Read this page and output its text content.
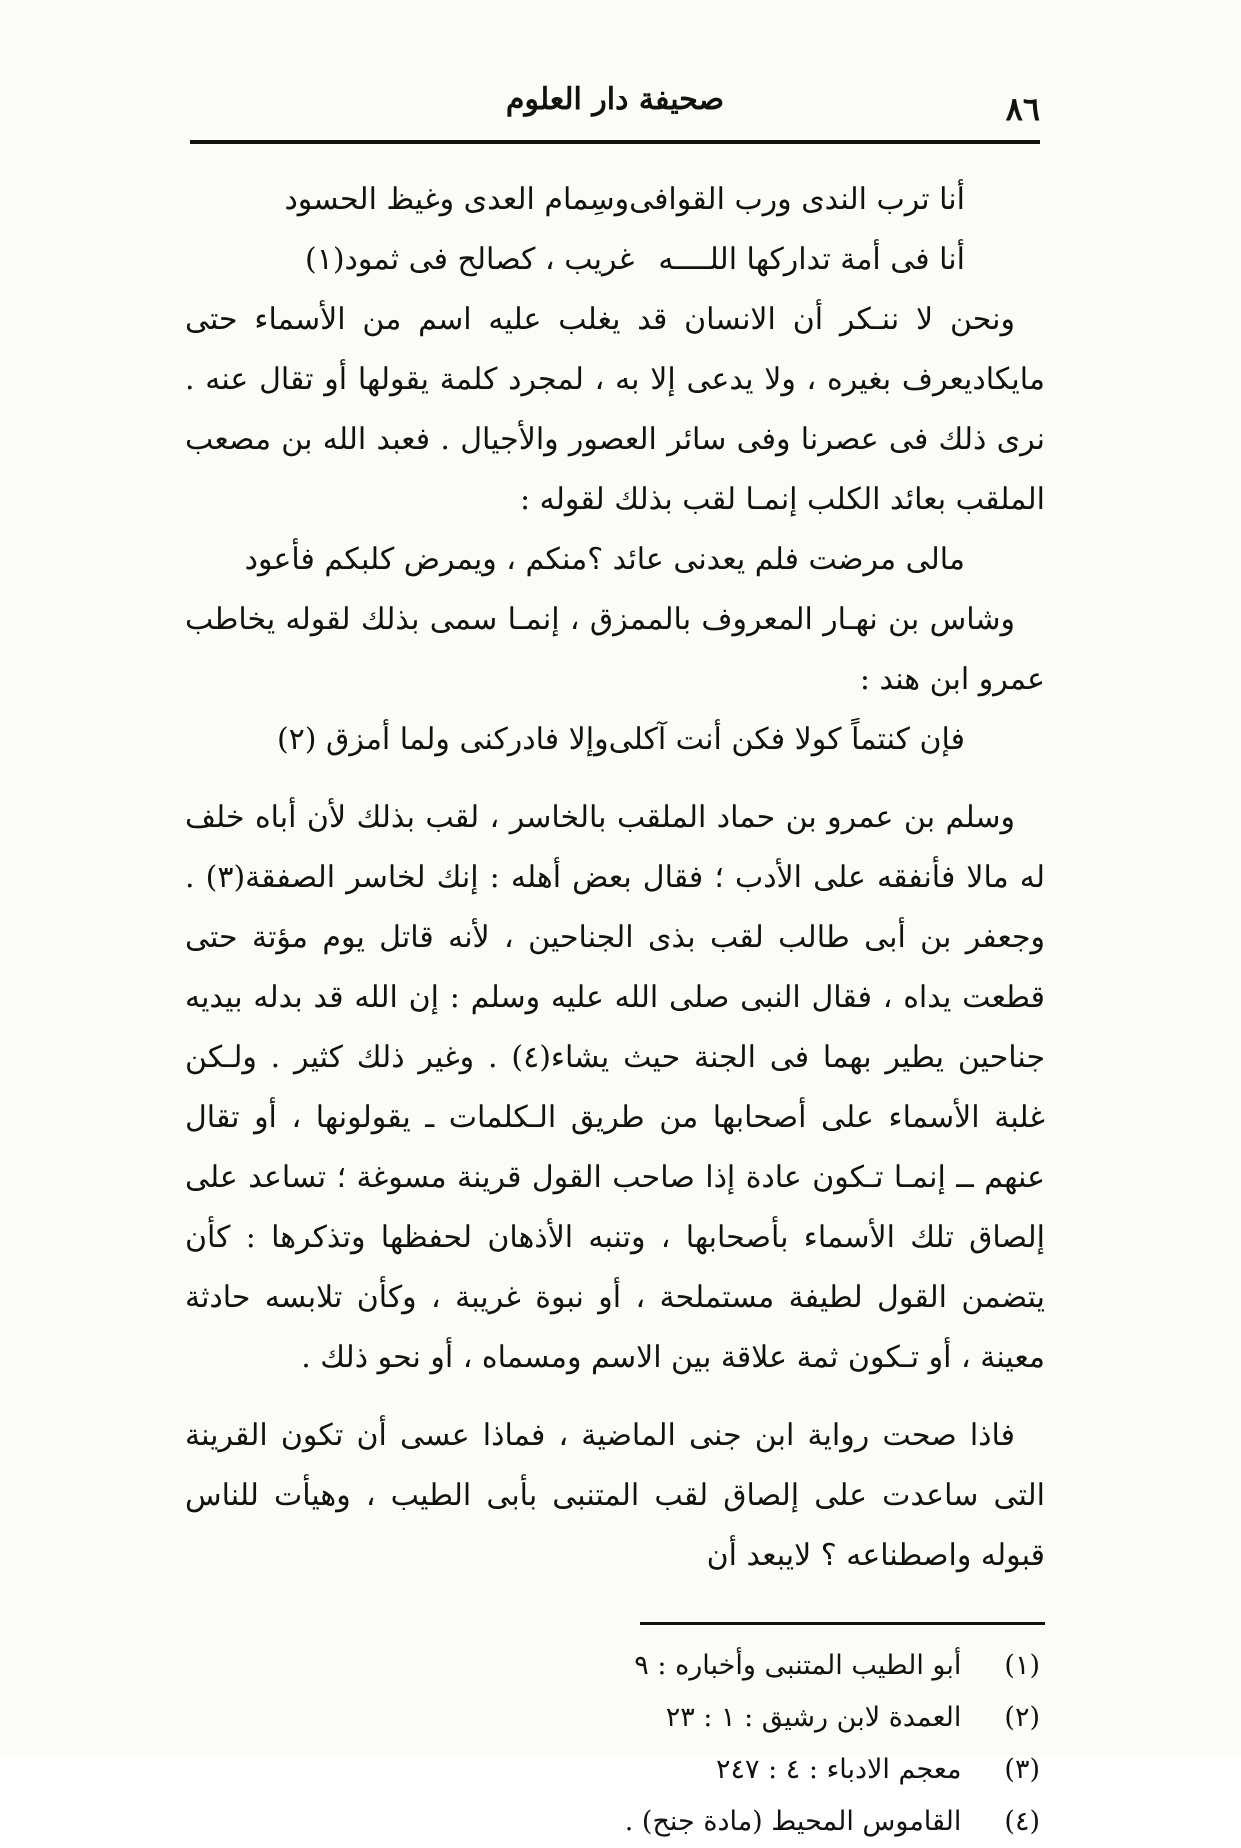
صحيفة دار العلوم	٨٦
أنا ترب الندى ورب القوافى
وسِمام العدى وغيظ الحسود
أنا فى أمة تداركها اللــــه
غريب ، كصالح فى ثمود(١)

ونحن لا ننـكر أن الانسان قد يغلب عليه اسم من الأسماء حتى مايكاديعرف بغيره ، ولا يدعى إلا به ، لمجرد كلمة يقولها أو تقال عنه . نرى ذلك فى عصرنا وفى سائر العصور والأجيال . فعبد الله بن مصعب الملقب بعائد الكلب إنمـا لقب بذلك لقوله :

مالى مرضت فلم يعدنى عائد ؟
منكم ، ويمرض كلبكم فأعود

وشاس بن نهـار المعروف بالممزق ، إنمـا سمى بذلك لقوله يخاطب عمرو ابن هند :

فإن كنتماً كولا فكن أنت آكلى
وإلا فادركنى ولما أمزق (٢)

وسلم بن عمرو بن حماد الملقب بالخاسر ، لقب بذلك لأن أباه خلف له مالا فأنفقه على الأدب ؛ فقال بعض أهله : إنك لخاسر الصفقة(٣) . وجعفر بن أبى طالب لقب بذى الجناحين ، لأنه قاتل يوم مؤتة حتى قطعت يداه ، فقال النبى صلى الله عليه وسلم : إن الله قد بدله بيديه جناحين يطير بهما فى الجنة حيث يشاء(٤) . وغير ذلك كثير . ولـكن غلبة الأسماء على أصحابها من طريق الـكلمات ـ يقولونها ، أو تقال عنهم ــ إنمـا تـكون عادة إذا صاحب القول قرينة مسوغة ؛ تساعد على إلصاق تلك الأسماء بأصحابها ، وتنبه الأذهان لحفظها وتذكرها : كأن يتضمن القول لطيفة مستملحة ، أو نبوة غريبة ، وكأن تلابسه حادثة معينة ، أو تـكون ثمة علاقة بين الاسم ومسماه ، أو نحو ذلك .

فاذا صحت رواية ابن جنى الماضية ، فماذا عسى أن تكون القرينة التى ساعدت على إلصاق لقب المتنبى بأبى الطيب ، وهيأت للناس قبوله واصطناعه ؟ لايبعد أن

(١) أبو الطيب المتنبى وأخباره : ٩
(٢) العمدة لابن رشيق : ١ : ٢٣
(٣) معجم الادباء : ٤ : ٢٤٧
(٤) القاموس المحيط (مادة جنح) .
